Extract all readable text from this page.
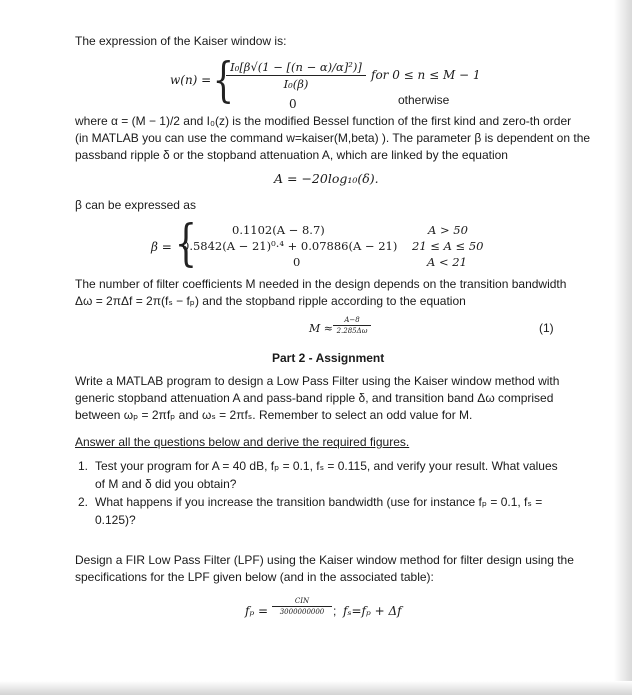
The expression of the Kaiser window is:
w(n) = {
I₀[β√(1 − [(n − α)/α]²)]
I₀(β)
for 0 ≤ n ≤ M − 1
0	otherwise
where α = (M − 1)/2 and I₀(z) is the modified Bessel function of the first kind and zero-th order
(in MATLAB you can use the command w=kaiser(M,beta) ). The parameter β is dependent on the
passband ripple δ or the stopband attenuation A, which are linked by the equation
A = −20log₁₀(δ).
β can be expressed as
β = {	0.1102(A − 8.7)	A > 50
0.5842(A − 21)⁰·⁴ + 0.07886(A − 21) 21 ≤ A ≤ 50
0	A < 21
The number of filter coefficients M needed in the design depends on the transition bandwidth
Δω = 2πΔf = 2π(fₛ − fₚ) and the stopband ripple according to the equation
M ≈
A−8
2.285Δω	(1)
Part 2 - Assignment
Write a MATLAB program to design a Low Pass Filter using the Kaiser window method with
generic stopband attenuation A and pass-band ripple δ, and transition band Δω comprised
between ωₚ = 2πfₚ and ωₛ = 2πfₛ. Remember to select an odd value for M.
Answer all the questions below and derive the required figures.
1. Test your program for A = 40 dB, fₚ = 0.1, fₛ = 0.115, and verify your result. What values
of M and δ did you obtain?
2. What happens if you increase the transition bandwidth (use for instance fₚ = 0.1, fₛ =
0.125)?
Design a FIR Low Pass Filter (LPF) using the Kaiser window method for filter design using the
specifications for the LPF given below (and in the associated table):
fₚ =
CIN
3000000000 ; fₛ=fₚ + Δf
